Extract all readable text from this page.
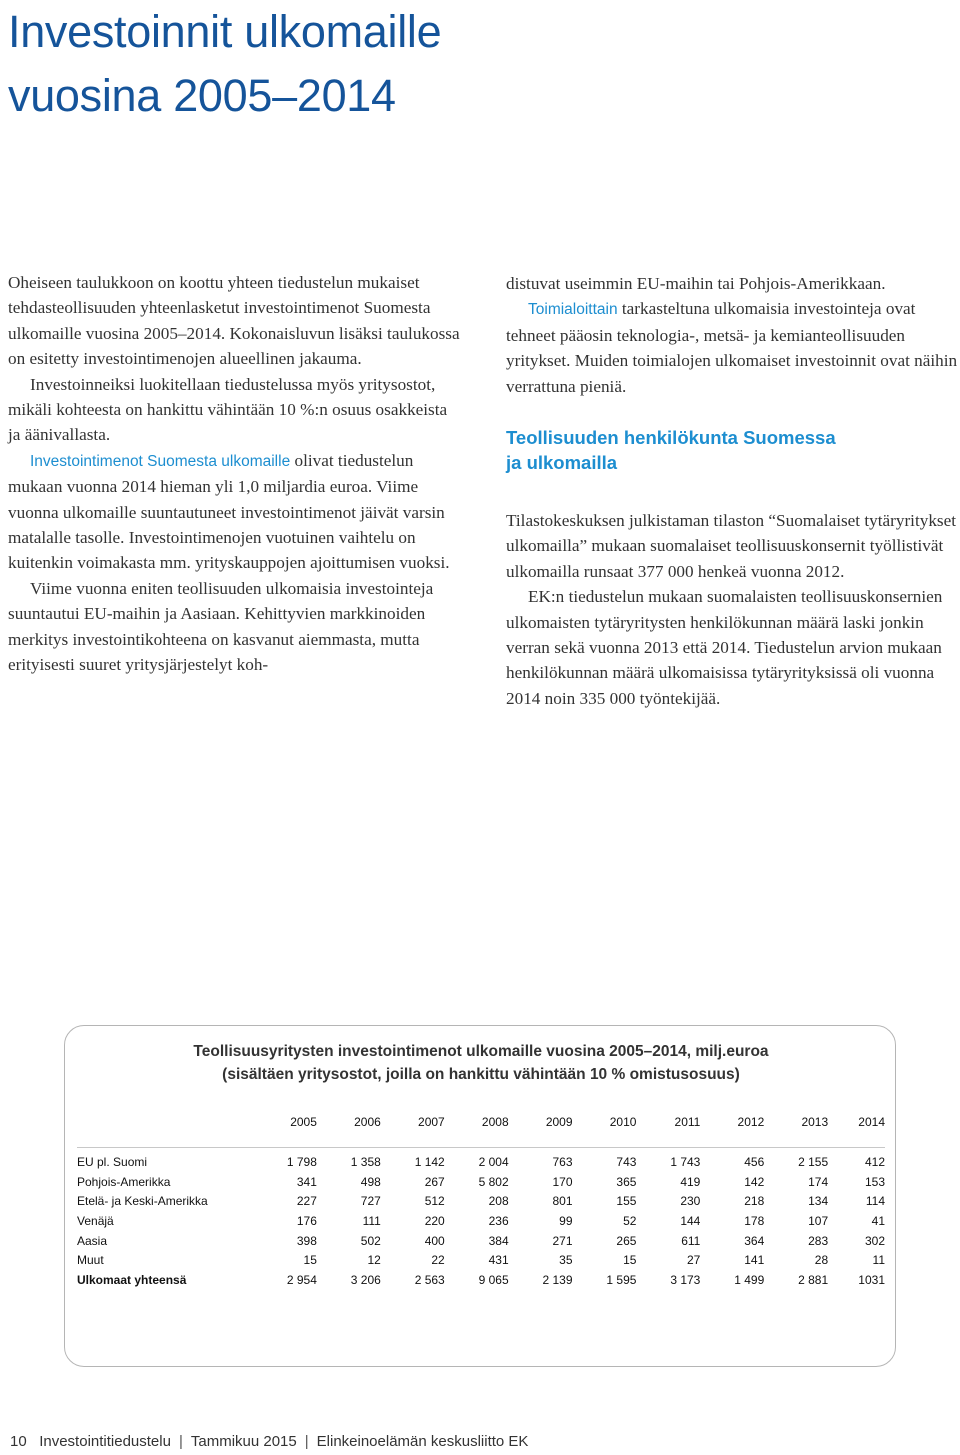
Investoinnit ulkomaille
vuosina 2005–2014

Oheiseen taulukkoon on koottu yhteen tiedustelun mukaiset tehdasteollisuuden yhteenlasketut investointimenot Suomesta ulkomaille vuosina 2005–2014. Kokonaisluvun lisäksi taulukossa on esitetty investointimenojen alueellinen jakauma.

Investoinneiksi luokitellaan tiedustelussa myös yritysostot, mikäli kohteesta on hankittu vähintään 10 %:n osuus osakkeista ja äänivallasta.

Investointimenot Suomesta ulkomaille olivat tiedustelun mukaan vuonna 2014 hieman yli 1,0 miljardia euroa. Viime vuonna ulkomaille suuntautuneet investointimenot jäivät varsin matalalle tasolle. Investointimenojen vuotuinen vaihtelu on kuitenkin voimakasta mm. yrityskauppojen ajoittumisen vuoksi.

Viime vuonna eniten teollisuuden ulkomaisia investointeja suuntautui EU-maihin ja Aasiaan. Kehittyvien markkinoiden merkitys investointikohteena on kasvanut aiemmasta, mutta erityisesti suuret yritysjärjestelyt koh-

distuvat useimmin EU-maihin tai Pohjois-Amerikkaan.

Toimialoittain tarkasteltuna ulkomaisia investointeja ovat tehneet pääosin teknologia-, metsä- ja kemianteollisuuden yritykset. Muiden toimialojen ulkomaiset investoinnit ovat näihin verrattuna pieniä.

Teollisuuden henkilökunta Suomessa
ja ulkomailla

Tilastokeskuksen julkistaman tilaston “Suomalaiset tytäryritykset ulkomailla” mukaan suomalaiset teollisuuskonsernit työllistivät ulkomailla runsaat 377 000 henkeä vuonna 2012.

EK:n tiedustelun mukaan suomalaisten teollisuuskonsernien ulkomaisten tytäryritysten henkilökunnan määrä laski jonkin verran sekä vuonna 2013 että 2014. Tiedustelun arvion mukaan henkilökunnan määrä ulkomaisissa tytäryrityksissä oli vuonna 2014 noin 335 000 työntekijää.

Teollisuusyritysten investointimenot ulkomaille vuosina 2005–2014, milj.euroa
(sisältäen yritysostot, joilla on hankittu vähintään 10 % omistusosuus)
	2005	2006	2007	2008	2009	2010	2011	2012	2013	2014

EU pl. Suomi	1 798	1 358	1 142	2 004	763	743	1 743	456	2 155	412
Pohjois-Amerikka	341	498	267	5 802	170	365	419	142	174	153
Etelä- ja Keski-Amerikka	227	727	512	208	801	155	230	218	134	114
Venäjä	176	111	220	236	99	52	144	178	107	41
Aasia	398	502	400	384	271	265	611	364	283	302
Muut	15	12	22	431	35	15	27	141	28	11
Ulkomaat yhteensä	2 954	3 206	2 563	9 065	2 139	1 595	3 173	1 499	2 881	1031
10 Investointitiedustelu | Tammikuu 2015 | Elinkeinoelämän keskusliitto EK
